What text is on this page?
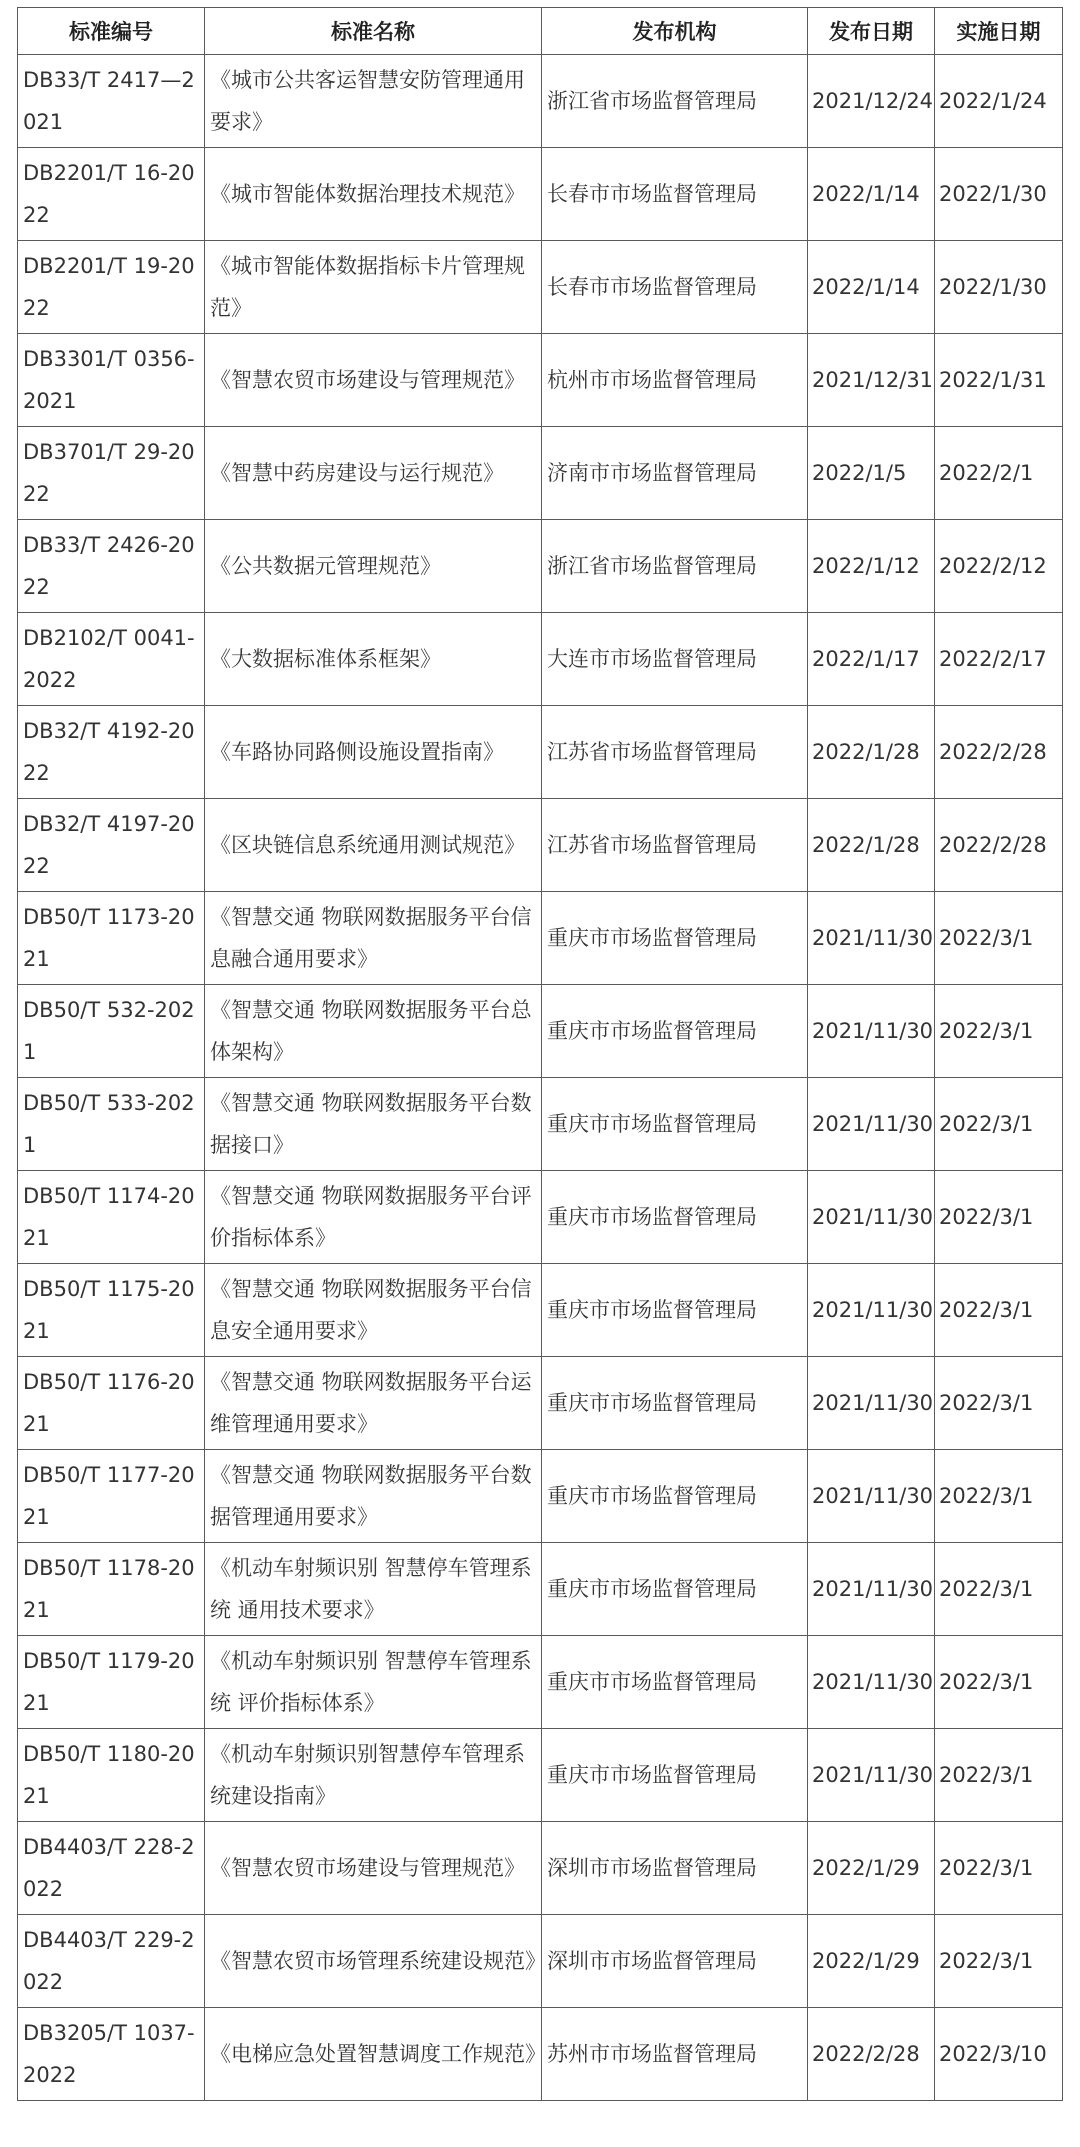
标准编号	标准名称	发布机构	发布日期	实施日期
DB33/T 2417—2021	《城市公共客运智慧安防管理通用要求》	浙江省市场监督管理局	2021/12/24	2022/1/24
DB2201/T 16-2022	《城市智能体数据治理技术规范》	长春市市场监督管理局	2022/1/14	2022/1/30
DB2201/T 19-2022	《城市智能体数据指标卡片管理规范》	长春市市场监督管理局	2022/1/14	2022/1/30
DB3301/T 0356-2021	《智慧农贸市场建设与管理规范》	杭州市市场监督管理局	2021/12/31	2022/1/31
DB3701/T 29-2022	《智慧中药房建设与运行规范》	济南市市场监督管理局	2022/1/5	2022/2/1
DB33/T 2426-2022	《公共数据元管理规范》	浙江省市场监督管理局	2022/1/12	2022/2/12
DB2102/T 0041-2022	《大数据标准体系框架》	大连市市场监督管理局	2022/1/17	2022/2/17
DB32/T 4192-2022	《车路协同路侧设施设置指南》	江苏省市场监督管理局	2022/1/28	2022/2/28
DB32/T 4197-2022	《区块链信息系统通用测试规范》	江苏省市场监督管理局	2022/1/28	2022/2/28
DB50/T 1173-2021	《智慧交通 物联网数据服务平台信息融合通用要求》	重庆市市场监督管理局	2021/11/30	2022/3/1
DB50/T 532-2021	《智慧交通 物联网数据服务平台总体架构》	重庆市市场监督管理局	2021/11/30	2022/3/1
DB50/T 533-2021	《智慧交通 物联网数据服务平台数据接口》	重庆市市场监督管理局	2021/11/30	2022/3/1
DB50/T 1174-2021	《智慧交通 物联网数据服务平台评价指标体系》	重庆市市场监督管理局	2021/11/30	2022/3/1
DB50/T 1175-2021	《智慧交通 物联网数据服务平台信息安全通用要求》	重庆市市场监督管理局	2021/11/30	2022/3/1
DB50/T 1176-2021	《智慧交通 物联网数据服务平台运维管理通用要求》	重庆市市场监督管理局	2021/11/30	2022/3/1
DB50/T 1177-2021	《智慧交通 物联网数据服务平台数据管理通用要求》	重庆市市场监督管理局	2021/11/30	2022/3/1
DB50/T 1178-2021	《机动车射频识别 智慧停车管理系统 通用技术要求》	重庆市市场监督管理局	2021/11/30	2022/3/1
DB50/T 1179-2021	《机动车射频识别 智慧停车管理系统 评价指标体系》	重庆市市场监督管理局	2021/11/30	2022/3/1
DB50/T 1180-2021	《机动车射频识别智慧停车管理系统建设指南》	重庆市市场监督管理局	2021/11/30	2022/3/1
DB4403/T 228-2022	《智慧农贸市场建设与管理规范》	深圳市市场监督管理局	2022/1/29	2022/3/1
DB4403/T 229-2022	《智慧农贸市场管理系统建设规范》	深圳市市场监督管理局	2022/1/29	2022/3/1
DB3205/T 1037-2022	《电梯应急处置智慧调度工作规范》	苏州市市场监督管理局	2022/2/28	2022/3/10
